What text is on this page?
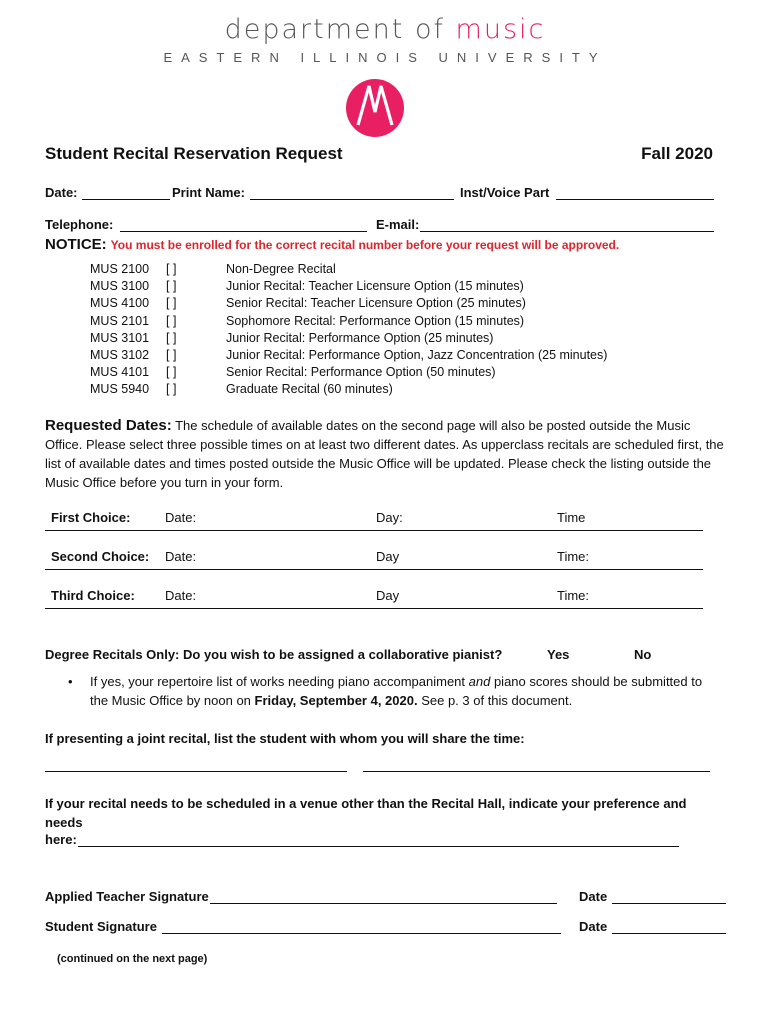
department of music
EASTERN ILLINOIS UNIVERSITY
Student Recital Reservation Request	Fall 2020
Date:	Print Name:	Inst/Voice Part
Telephone:	E-mail:
NOTICE: You must be enrolled for the correct recital number before your request will be approved.
MUS 2100 [ ]	Non-Degree Recital
MUS 3100 [ ]	Junior Recital: Teacher Licensure Option (15 minutes)
MUS 4100 [ ]	Senior Recital: Teacher Licensure Option (25 minutes)
MUS 2101 [ ]	Sophomore Recital: Performance Option (15 minutes)
MUS 3101 [ ]	Junior Recital: Performance Option (25 minutes)
MUS 3102 [ ]	Junior Recital: Performance Option, Jazz Concentration (25 minutes)
MUS 4101 [ ]	Senior Recital: Performance Option (50 minutes)
MUS 5940 [ ]	Graduate Recital (60 minutes)
Requested Dates: The schedule of available dates on the second page will also be posted outside the Music Office. Please select three possible times on at least two different dates. As upperclass recitals are scheduled first, the list of available dates and times posted outside the Music Office will be updated. Please check the listing outside the Music Office before you turn in your form.
First Choice:	Date:	Day:	Time
Second Choice: Date:	Day	Time:
Third Choice: Date:	Day	Time:
Degree Recitals Only: Do you wish to be assigned a collaborative pianist?	Yes	No
• If yes, your repertoire list of works needing piano accompaniment and piano scores should be submitted to the Music Office by noon on Friday, September 4, 2020. See p. 3 of this document.
If presenting a joint recital, list the student with whom you will share the time:
If your recital needs to be scheduled in a venue other than the Recital Hall, indicate your preference and needs
here:
Applied Teacher Signature	Date
Student Signature	Date
(continued on the next page)
